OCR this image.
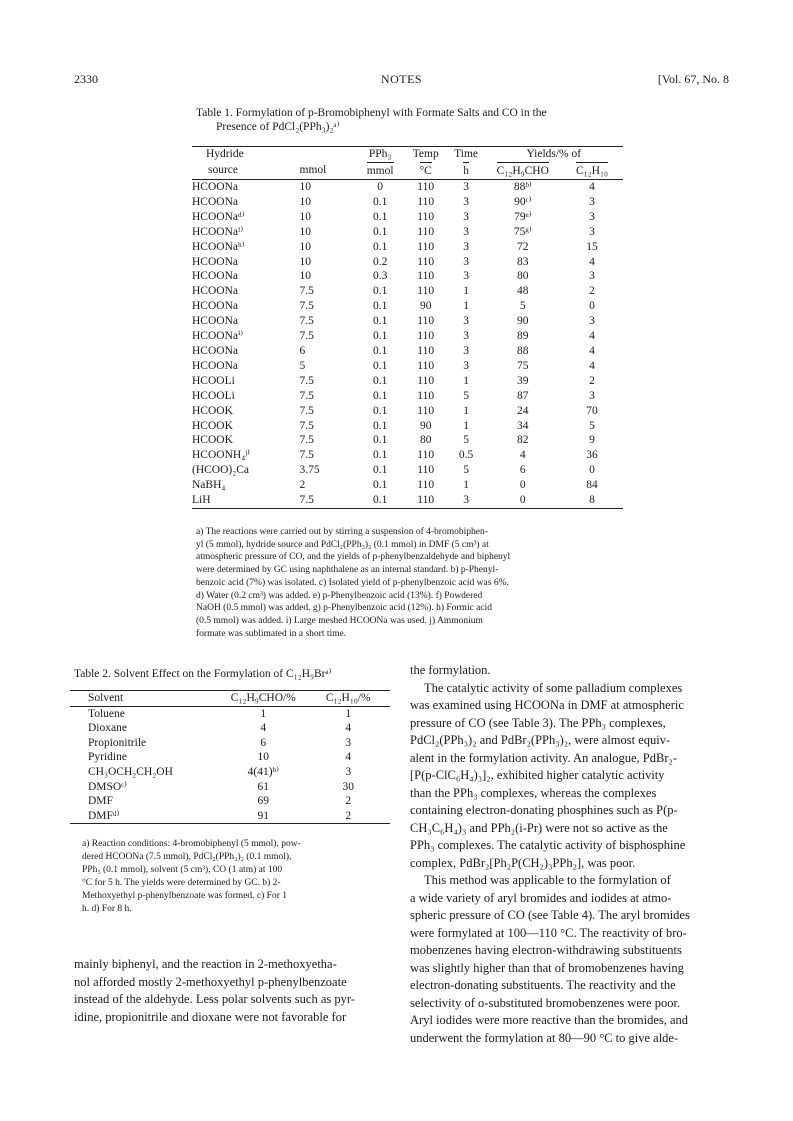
2330	NOTES	[Vol. 67, No. 8
Table 1. Formylation of p-Bromobiphenyl with Formate Salts and CO in the
Presence of PdCl₂(PPh₃)₂ᵃ⁾
Hydride		PPh₃	Temp	Time	Yields/% of	
source	mmol	mmol	°C	h	C₁₂H₉CHO	C₁₂H₁₀
HCOONa	10	0	110	3	88ᵇ⁾	4
HCOONa	10	0.1	110	3	90ᶜ⁾	3
HCOONaᵈ⁾	10	0.1	110	3	79ᵉ⁾	3
HCOONaᶠ⁾	10	0.1	110	3	75ᵍ⁾	3
HCOONaʰ⁾	10	0.1	110	3	72	15
HCOONa	10	0.2	110	3	83	4
HCOONa	10	0.3	110	3	80	3
HCOONa	7.5	0.1	110	1	48	2
HCOONa	7.5	0.1	90	1	5	0
HCOONa	7.5	0.1	110	3	90	3
HCOONaⁱ⁾	7.5	0.1	110	3	89	4
HCOONa	6	0.1	110	3	88	4
HCOONa	5	0.1	110	3	75	4
HCOOLi	7.5	0.1	110	1	39	2
HCOOLi	7.5	0.1	110	5	87	3
HCOOK	7.5	0.1	110	1	24	70
HCOOK	7.5	0.1	90	1	34	5
HCOOK	7.5	0.1	80	5	82	9
HCOONH₄ʲ⁾	7.5	0.1	110	0.5	4	36
(HCOO)₂Ca	3.75	0.1	110	5	6	0
NaBH₄	2	0.1	110	1	0	84
LiH	7.5	0.1	110	3	0	8
a) The reactions were carried out by stirring a suspension of 4-bromobiphen-
yl (5 mmol), hydride source and PdCl₂(PPh₃)₂ (0.1 mmol) in DMF (5 cm³) at
atmospheric pressure of CO, and the yields of p-phenylbenzaldehyde and biphenyl
were determined by GC using naphthalene as an internal standard. b) p-Phenyl-
benzoic acid (7%) was isolated. c) Isolated yield of p-phenylbenzoic acid was 6%.
d) Water (0.2 cm³) was added. e) p-Phenylbenzoic acid (13%). f) Powdered
NaOH (0.5 mmol) was added. g) p-Phenylbenzoic acid (12%). h) Formic acid
(0.5 mmol) was added. i) Large meshed HCOONa was used. j) Ammonium
formate was sublimated in a short time.
Table 2. Solvent Effect on the Formylation of C₁₂H₉Brᵃ⁾
Solvent	C₁₂H₉CHO/%	C₁₂H₁₀/%
Toluene	1	1
Dioxane	4	4
Propionitrile	6	3
Pyridine	10	4
CH₃OCH₂CH₂OH	4(41)ᵇ⁾	3
DMSOᶜ⁾	61	30
DMF	69	2
DMFᵈ⁾	91	2
a) Reaction conditions: 4-bromobiphenyl (5 mmol), pow-
dered HCOONa (7.5 mmol), PdCl₂(PPh₃)₂ (0.1 mmol),
PPh₃ (0.1 mmol), solvent (5 cm³), CO (1 atm) at 100
°C for 5 h. The yields were determined by GC. b) 2-
Methoxyethyl p-phenylbenzoate was formed. c) For 1
h. d) For 8 h.
mainly biphenyl, and the reaction in 2-methoxyetha-
nol afforded mostly 2-methoxyethyl p-phenylbenzoate
instead of the aldehyde. Less polar solvents such as pyr-
idine, propionitrile and dioxane were not favorable for
the formylation.
The catalytic activity of some palladium complexes
was examined using HCOONa in DMF at atmospheric
pressure of CO (see Table 3). The PPh₃ complexes,
PdCl₂(PPh₃)₂ and PdBr₂(PPh₃)₂, were almost equiv-
alent in the formylation activity. An analogue, PdBr₂-
[P(p-ClC₆H₄)₃]₂, exhibited higher catalytic activity
than the PPh₃ complexes, whereas the complexes
containing electron-donating phosphines such as P(p-
CH₃C₆H₄)₃ and PPh₂(i-Pr) were not so active as the
PPh₃ complexes. The catalytic activity of bisphosphine
complex, PdBr₂[Ph₂P(CH₂)₃PPh₂], was poor.
This method was applicable to the formylation of
a wide variety of aryl bromides and iodides at atmo-
spheric pressure of CO (see Table 4). The aryl bromides
were formylated at 100—110 °C. The reactivity of bro-
mobenzenes having electron-withdrawing substituents
was slightly higher than that of bromobenzenes having
electron-donating substituents. The reactivity and the
selectivity of o-substituted bromobenzenes were poor.
Aryl iodides were more reactive than the bromides, and
underwent the formylation at 80—90 °C to give alde-
